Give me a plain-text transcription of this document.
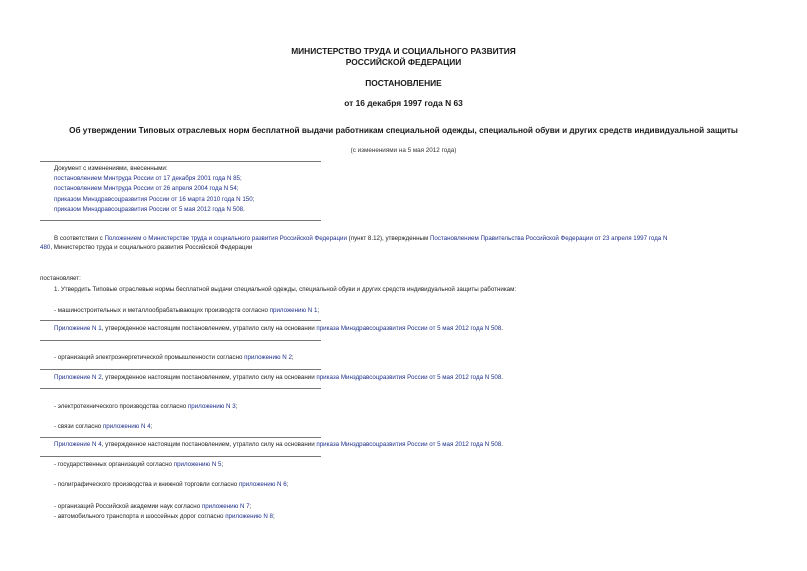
МИНИСТЕРСТВО ТРУДА И СОЦИАЛЬНОГО РАЗВИТИЯ
РОССИЙСКОЙ ФЕДЕРАЦИИ
ПОСТАНОВЛЕНИЕ
от 16 декабря 1997 года N 63
Об утверждении Типовых отраслевых норм бесплатной выдачи работникам специальной одежды, специальной обуви и других средств индивидуальной защиты
(с изменениями на 5 мая 2012 года)
Документ с изменениями, внесенными:
постановлением Минтруда России от 17 декабря 2001 года N 85;
постановлением Минтруда России от 26 апреля 2004 года N 54;
приказом Минздравсоцразвития России от 16 марта 2010 года N 150;
приказом Минздравсоцразвития России от 5 мая 2012 года N 508.
В соответствии с Положением о Министерстве труда и социального развития Российской Федерации (пункт 8.12), утвержденным Постановлением Правительства Российской Федерации от 23 апреля 1997 года N
480, Министерство труда и социального развития Российской Федерации
постановляет:
1. Утвердить Типовые отраслевые нормы бесплатной выдачи специальной одежды, специальной обуви и других средств индивидуальной защиты работникам:
- машиностроительных и металлообрабатывающих производств согласно приложению N 1;
Приложение N 1, утвержденное настоящим постановлением, утратило силу на основании приказа Минздравсоцразвития России от 5 мая 2012 года N 508.
- организаций электроэнергетической промышленности согласно приложению N 2;
Приложение N 2, утвержденное настоящим постановлением, утратило силу на основании приказа Минздравсоцразвития России от 5 мая 2012 года N 508.
- электротехнического производства согласно приложению N 3;
- связи согласно приложению N 4;
Приложение N 4, утвержденное настоящим постановлением, утратило силу на основании приказа Минздравсоцразвития России от 5 мая 2012 года N 508.
- государственных организаций согласно приложению N 5;
- полиграфического производства и книжной торговли согласно приложению N 6;
- организаций Российской академии наук согласно приложению N 7;
- автомобильного транспорта и шоссейных дорог согласно приложению N 8;
